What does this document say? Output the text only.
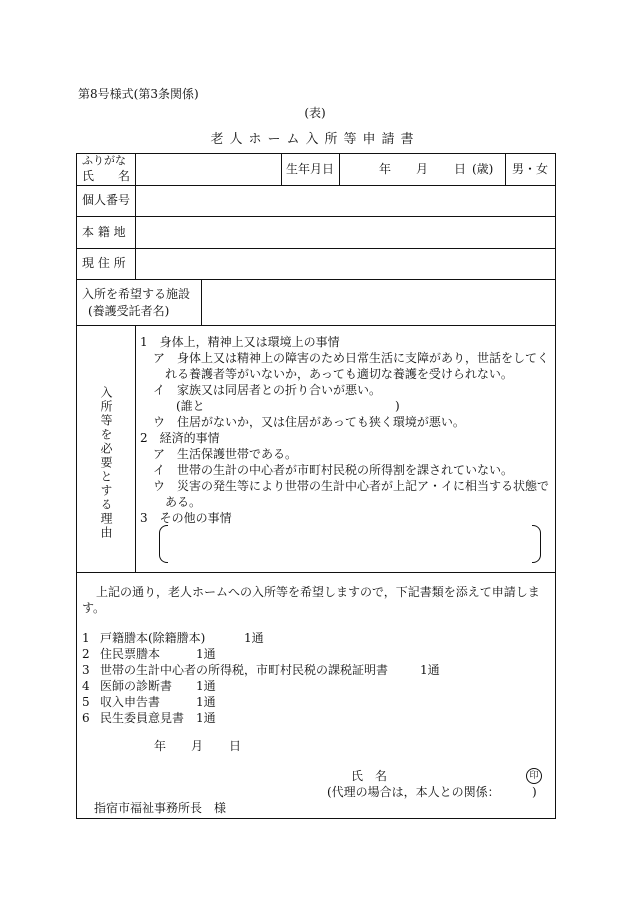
第8号様式(第3条関係)
(表)
老人ホーム入所等申請書
ふりがな
氏　　名	生年月日	年 月 日 (歳) 男・女
個人番号
本 籍 地
現 住 所
入所を希望する施設
(養護受託者名)
入所等を必要とする理由
1　身体上，精神上又は環境上の事情
ア　身体上又は精神上の障害のため日常生活に支障があり，世話をしてく
れる養護者等がいないか，あっても適切な養護を受けられない。
イ　家族又は同居者との折り合いが悪い。
(誰と	)
ウ　住居がないか，又は住居があっても狭く環境が悪い。
2　経済的事情
ア　生活保護世帯である。
イ　世帯の生計の中心者が市町村民税の所得割を課されていない。
ウ　災害の発生等により世帯の生計中心者が上記ア・イに相当する状態で
ある。
3　その他の事情
上記の通り，老人ホームへの入所等を希望しますので，下記書類を添えて申請しま
す。
1 戸籍謄本(除籍謄本)	1通
2 住民票謄本	1通
3 世帯の生計中心者の所得税，市町村民税の課税証明書	1通
4 医師の診断書 1通
5 収入申告書	1通
6 民生委員意見書 1通
年 月 日
氏　名	印
(代理の場合は，本人との関係：	)
指宿市福祉事務所長　様
